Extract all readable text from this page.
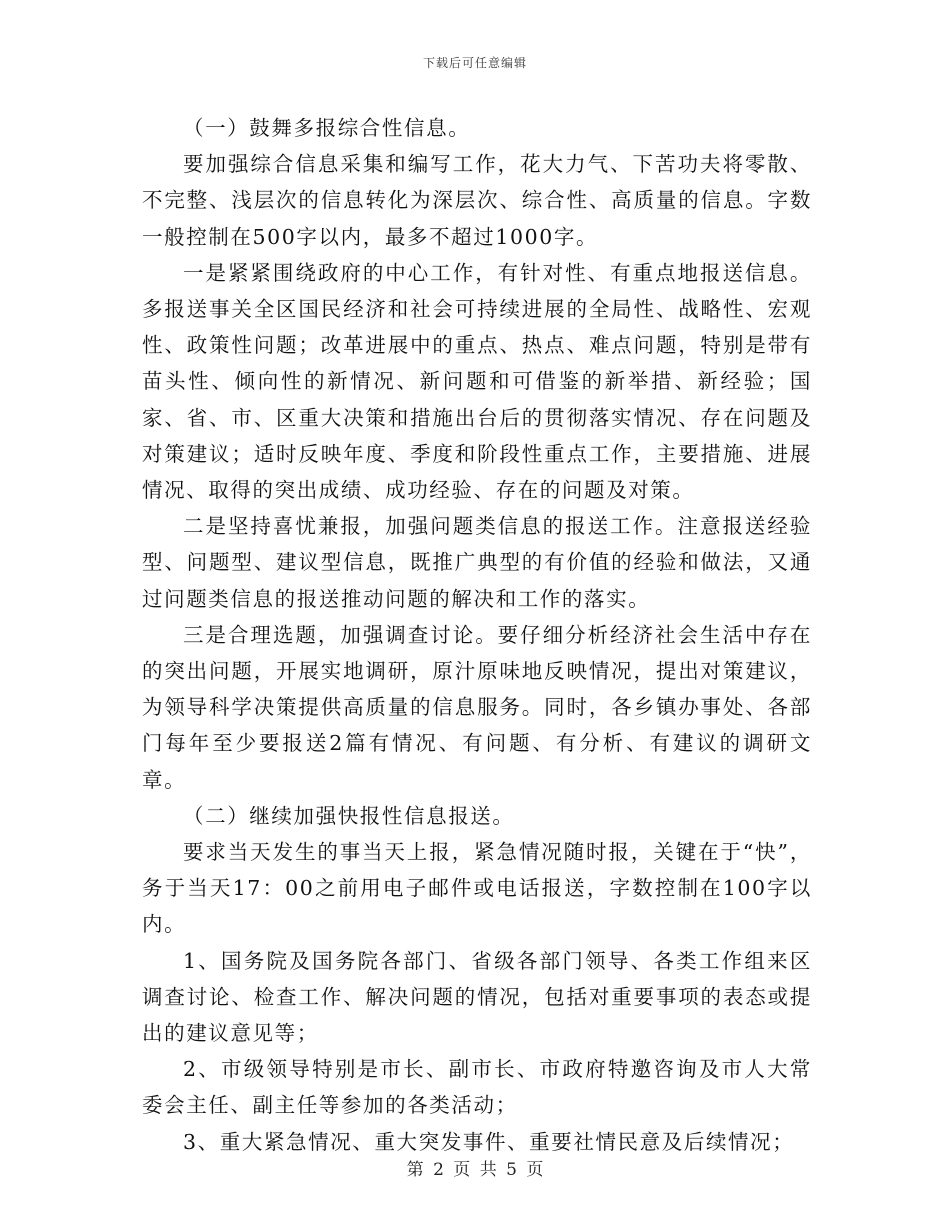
下载后可任意编辑

（一）鼓舞多报综合性信息。

要加强综合信息采集和编写工作，花大力气、下苦功夫将零散、不完整、浅层次的信息转化为深层次、综合性、高质量的信息。字数一般控制在500字以内，最多不超过1000字。

一是紧紧围绕政府的中心工作，有针对性、有重点地报送信息。多报送事关全区国民经济和社会可持续进展的全局性、战略性、宏观性、政策性问题；改革进展中的重点、热点、难点问题，特别是带有苗头性、倾向性的新情况、新问题和可借鉴的新举措、新经验；国家、省、市、区重大决策和措施出台后的贯彻落实情况、存在问题及对策建议；适时反映年度、季度和阶段性重点工作，主要措施、进展情况、取得的突出成绩、成功经验、存在的问题及对策。

二是坚持喜忧兼报，加强问题类信息的报送工作。注意报送经验型、问题型、建议型信息，既推广典型的有价值的经验和做法，又通过问题类信息的报送推动问题的解决和工作的落实。

三是合理选题，加强调查讨论。要仔细分析经济社会生活中存在的突出问题，开展实地调研，原汁原味地反映情况，提出对策建议，为领导科学决策提供高质量的信息服务。同时，各乡镇办事处、各部门每年至少要报送2篇有情况、有问题、有分析、有建议的调研文章。

（二）继续加强快报性信息报送。

要求当天发生的事当天上报，紧急情况随时报，关键在于“快”，务于当天17：00之前用电子邮件或电话报送，字数控制在100字以内。

1、国务院及国务院各部门、省级各部门领导、各类工作组来区调查讨论、检查工作、解决问题的情况，包括对重要事项的表态或提出的建议意见等；

2、市级领导特别是市长、副市长、市政府特邀咨询及市人大常委会主任、副主任等参加的各类活动；

3、重大紧急情况、重大突发事件、重要社情民意及后续情况；

第 2 页 共 5 页
